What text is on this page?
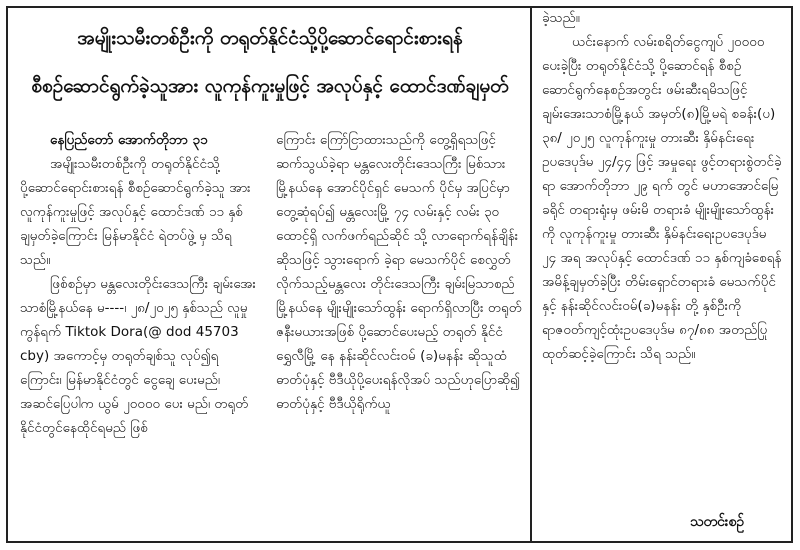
အမျိုးသမီးတစ်ဦးကို တရုတ်နိုင်ငံသို့ပို့ဆောင်ရောင်းစားရန်
စီစဉ်ဆောင်ရွက်ခဲ့သူအား လူကုန်ကူးမှုဖြင့် အလုပ်နှင့် ထောင်ဒဏ်ချမှတ်
နေပြည်တော် အောက်တိုဘာ ၃၁

အမျိုးသမီးတစ်ဦးကို တရုတ်နိုင်ငံသို့ ပို့ဆောင်ရောင်းစားရန် စီစဉ်ဆောင်ရွက်ခဲ့သူ အား လူကုန်ကူးမှုဖြင့် အလုပ်နှင့် ထောင်ဒဏ် ၁၁ နှစ် ချမှတ်ခဲ့ကြောင်း မြန်မာနိုင်ငံ ရဲတပ်ဖွဲ့ မှ သိရသည်။

ဖြစ်စဉ်မှာ မန္တလေးတိုင်းဒေသကြီး ချမ်းအေးသာစံမြို့နယ်နေ မ----၊ ၂၈/၂၀၂၅ နှစ်သည် လူမှုကွန်ရက် Tiktok Dora(@ dod 45703 cby) အကောင့်မှ တရုတ်ချစ်သူ လုပ်၍ရကြောင်း၊ မြန်မာနိုင်ငံတွင် ငွေချေ ပေးမည်၊ အဆင်ပြေပါက ယွမ် ၂၀၀၀၀ ပေး မည်၊ တရုတ်နိုင်ငံတွင်နေထိုင်ရမည် ဖြစ်

ကြောင်း ကြော်ငြာထားသည်ကို တွေ့ရှိရသဖြင့် ဆက်သွယ်ခဲ့ရာ မန္တလေးတိုင်းဒေသကြီး မြစ်သားမြို့နယ်နေ အောင်ပိုင်ရှင် မေသက် ပိုင်မှ အပြင်မှာတွေ့ဆုံရပ်၍ မန္တလေးမြို့ ၇၄ လမ်းနှင့် လမ်း ၃၀ ထောင့်ရှိ လက်ဖက်ရည်ဆိုင် သို့ လာရောက်ရန်ချိန်းဆိုသဖြင့် သွားရောက် ခဲ့ရာ မေသက်ပိုင် စေလွှတ်လိုက်သည့်မန္တလေး တိုင်းဒေသကြီး ချမ်းမြသာစည်မြို့နယ်နေ မျိုးမျိုးသော်ထွန်း ရောက်ရှိလာပြီး တရုတ် ဇနီးမယားအဖြစ် ပို့ဆောင်ပေးမည့် တရုတ် နိုင်ငံ ရွှေလီမြို့ နေ နန်းဆိုင်လင်းဝမ် (ခ)မနန်း ဆိုသူထံ ဓာတ်ပုံနှင့် ဗီဒီယိုပို့ပေးရန်လိုအပ် သည်ဟုပြောဆို၍ ဓာတ်ပုံနှင့် ဗီဒီယိုရိုက်ယူ

ခဲ့သည်။

ယင်းနောက် လမ်းစရိတ်ငွေကျပ် ၂၀၀၀၀ ပေးခဲ့ပြီး တရုတ်နိုင်ငံသို့ ပို့ဆောင်ရန် စီစဉ် ဆောင်ရွက်နေစဉ်အတွင်း ဖမ်းဆီးရမိသဖြင့် ချမ်းအေးသာစံမြို့နယ် အမှတ်(၈)မြို့မရဲ စခန်း(ပ) ၃၈/ ၂၀၂၅ လူကုန်ကူးမှု တားဆီး နှိမ်နင်းရေးဥပဒေပုဒ်မ ၂၄/၄၄ ဖြင့် အမှုရေး ဖွင့်တရားစွဲတင်ခဲ့ရာ အောက်တိုဘာ ၂၉ ရက် တွင် မဟာအောင်မြေခရိုင် တရားရုံးမှ ဖမ်းမိ တရားခံ မျိုးမျိုးသော်ထွန်းကို လူကုန်ကူးမှု တားဆီး နှိမ်နင်းရေးဥပဒေပုဒ်မ ၂၄ အရ အလုပ်နှင့် ထောင်ဒဏ် ၁၁ နှစ်ကျခံစေရန် အမိန့်ချမှတ်ခဲ့ပြီး တိမ်းရှောင်တရားခံ မေသက်ပိုင်နှင့် နန်းဆိုင်လင်းဝမ်(ခ)မနန်း တို့ နှစ်ဦးကို ရာဇဝတ်ကျင့်ထုံးဥပဒေပုဒ်မ ၈၇/၈၈ အတည်ပြုထုတ်ဆင့်ခဲ့ကြောင်း သိရ သည်။

သတင်းစဉ်
